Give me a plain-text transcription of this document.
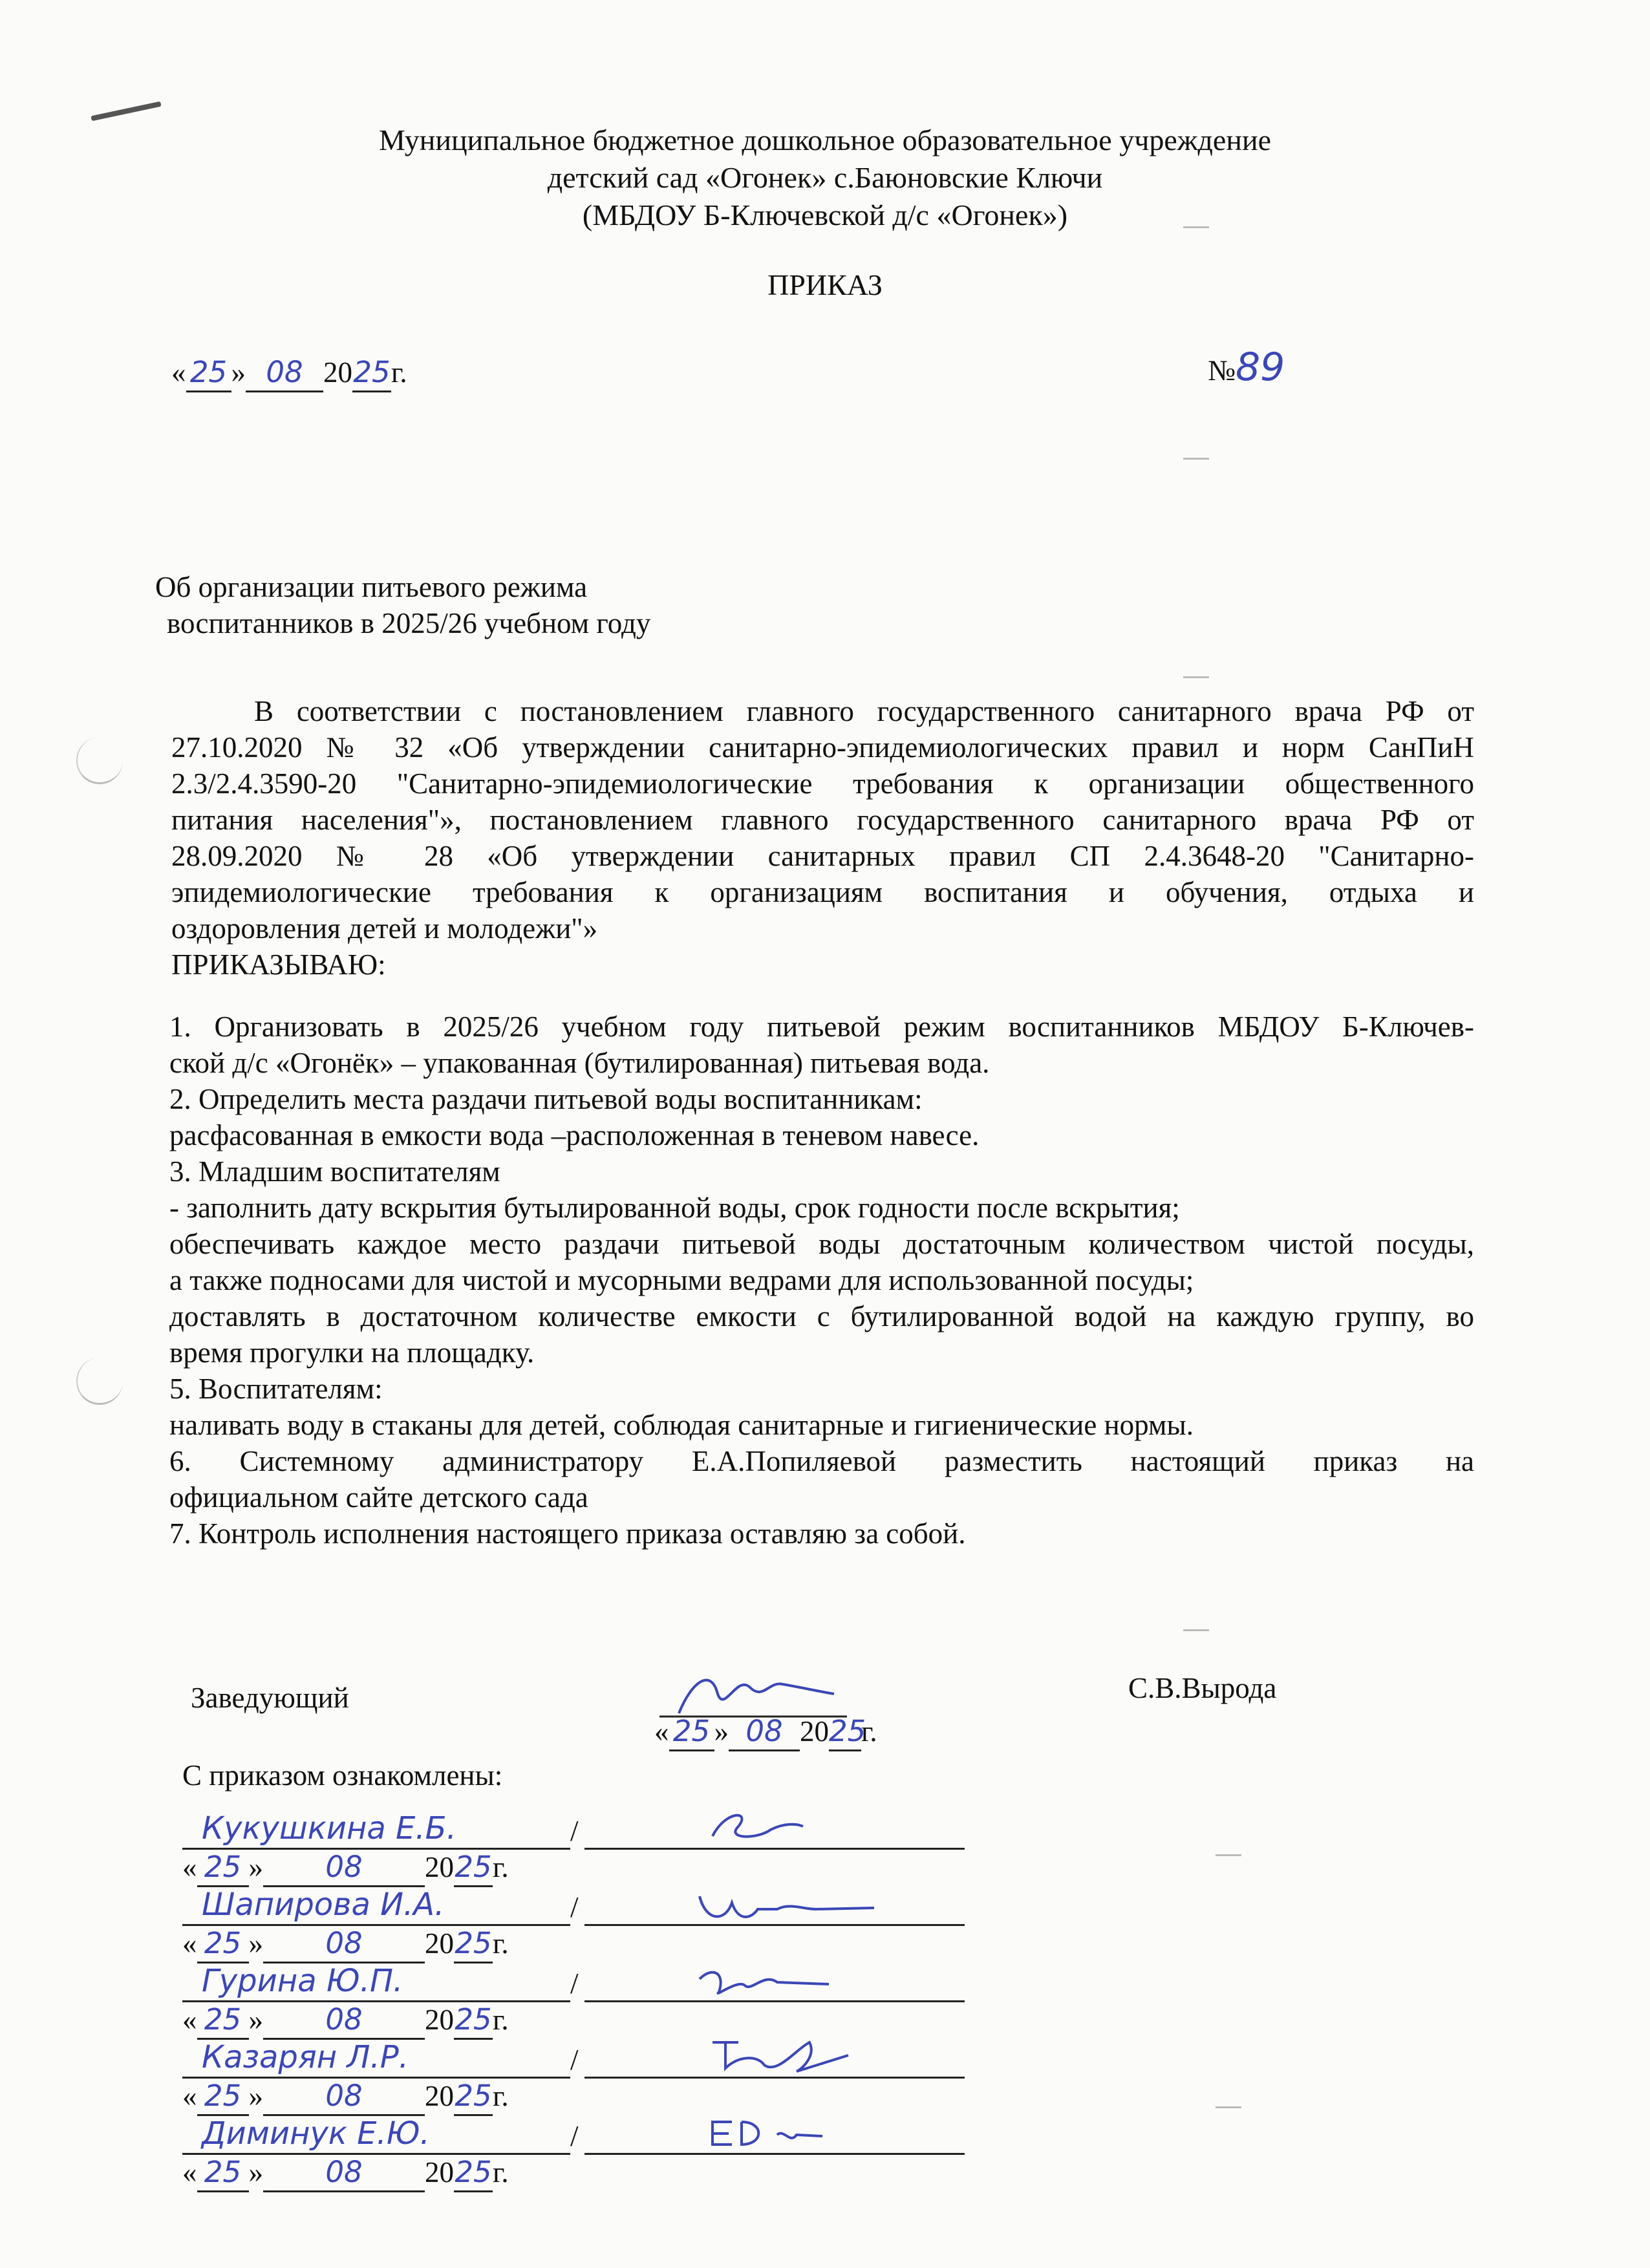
Муниципальное бюджетное дошкольное образовательное учреждение
детский сад «Огонек» с.Баюновские Ключи
(МБДОУ Б-Ключевской д/с «Огонек»)
ПРИКАЗ
« 25 » 08 2025г.	№89
Об организации питьевого режима
воспитанников в 2025/26 учебном году
В соответствии с постановлением главного государственного санитарного врача РФ от
27.10.2020 № 32 «Об утверждении санитарно-эпидемиологических правил и норм СанПиН
2.3/2.4.3590-20 "Санитарно-эпидемиологические требования к организации общественного
питания населения"», постановлением главного государственного санитарного врача РФ от
28.09.2020 № 28 «Об утверждении санитарных правил СП 2.4.3648-20 "Санитарно-
эпидемиологические требования к организациям воспитания и обучения, отдыха и
оздоровления детей и молодежи"»
ПРИКАЗЫВАЮ:
1. Организовать в 2025/26 учебном году питьевой режим воспитанников МБДОУ Б-Ключев-
ской д/с «Огонёк» – упакованная (бутилированная) питьевая вода.
2. Определить места раздачи питьевой воды воспитанникам:
расфасованная в емкости вода –расположенная в теневом навесе.
3. Младшим воспитателям
- заполнить дату вскрытия бутылированной воды, срок годности после вскрытия;
обеспечивать каждое место раздачи питьевой воды достаточным количеством чистой посуды,
а также подносами для чистой и мусорными ведрами для использованной посуды;
доставлять в достаточном количестве емкости с бутилированной водой на каждую группу, во
время прогулки на площадку.
5. Воспитателям:
наливать воду в стаканы для детей, соблюдая санитарные и гигиенические нормы.
6. Системному администратору Е.А.Попиляевой разместить настоящий приказ на
официальном сайте детского сада
7. Контроль исполнения настоящего приказа оставляю за собой.
Заведующий	С.В.Вырода
« 25 » 08 2025г.
С приказом ознакомлены:
Кукушкина Е.Б.	/
« 25 » 08 2025г.
Шапирова И.А.	/
« 25 » 08 2025г.
Гурина Ю.П.	/
« 25 » 08 2025г.
Казарян Л.Р.	/
« 25 » 08 2025г.
Диминук Е.Ю.	/
« 25 » 08 2025г.
